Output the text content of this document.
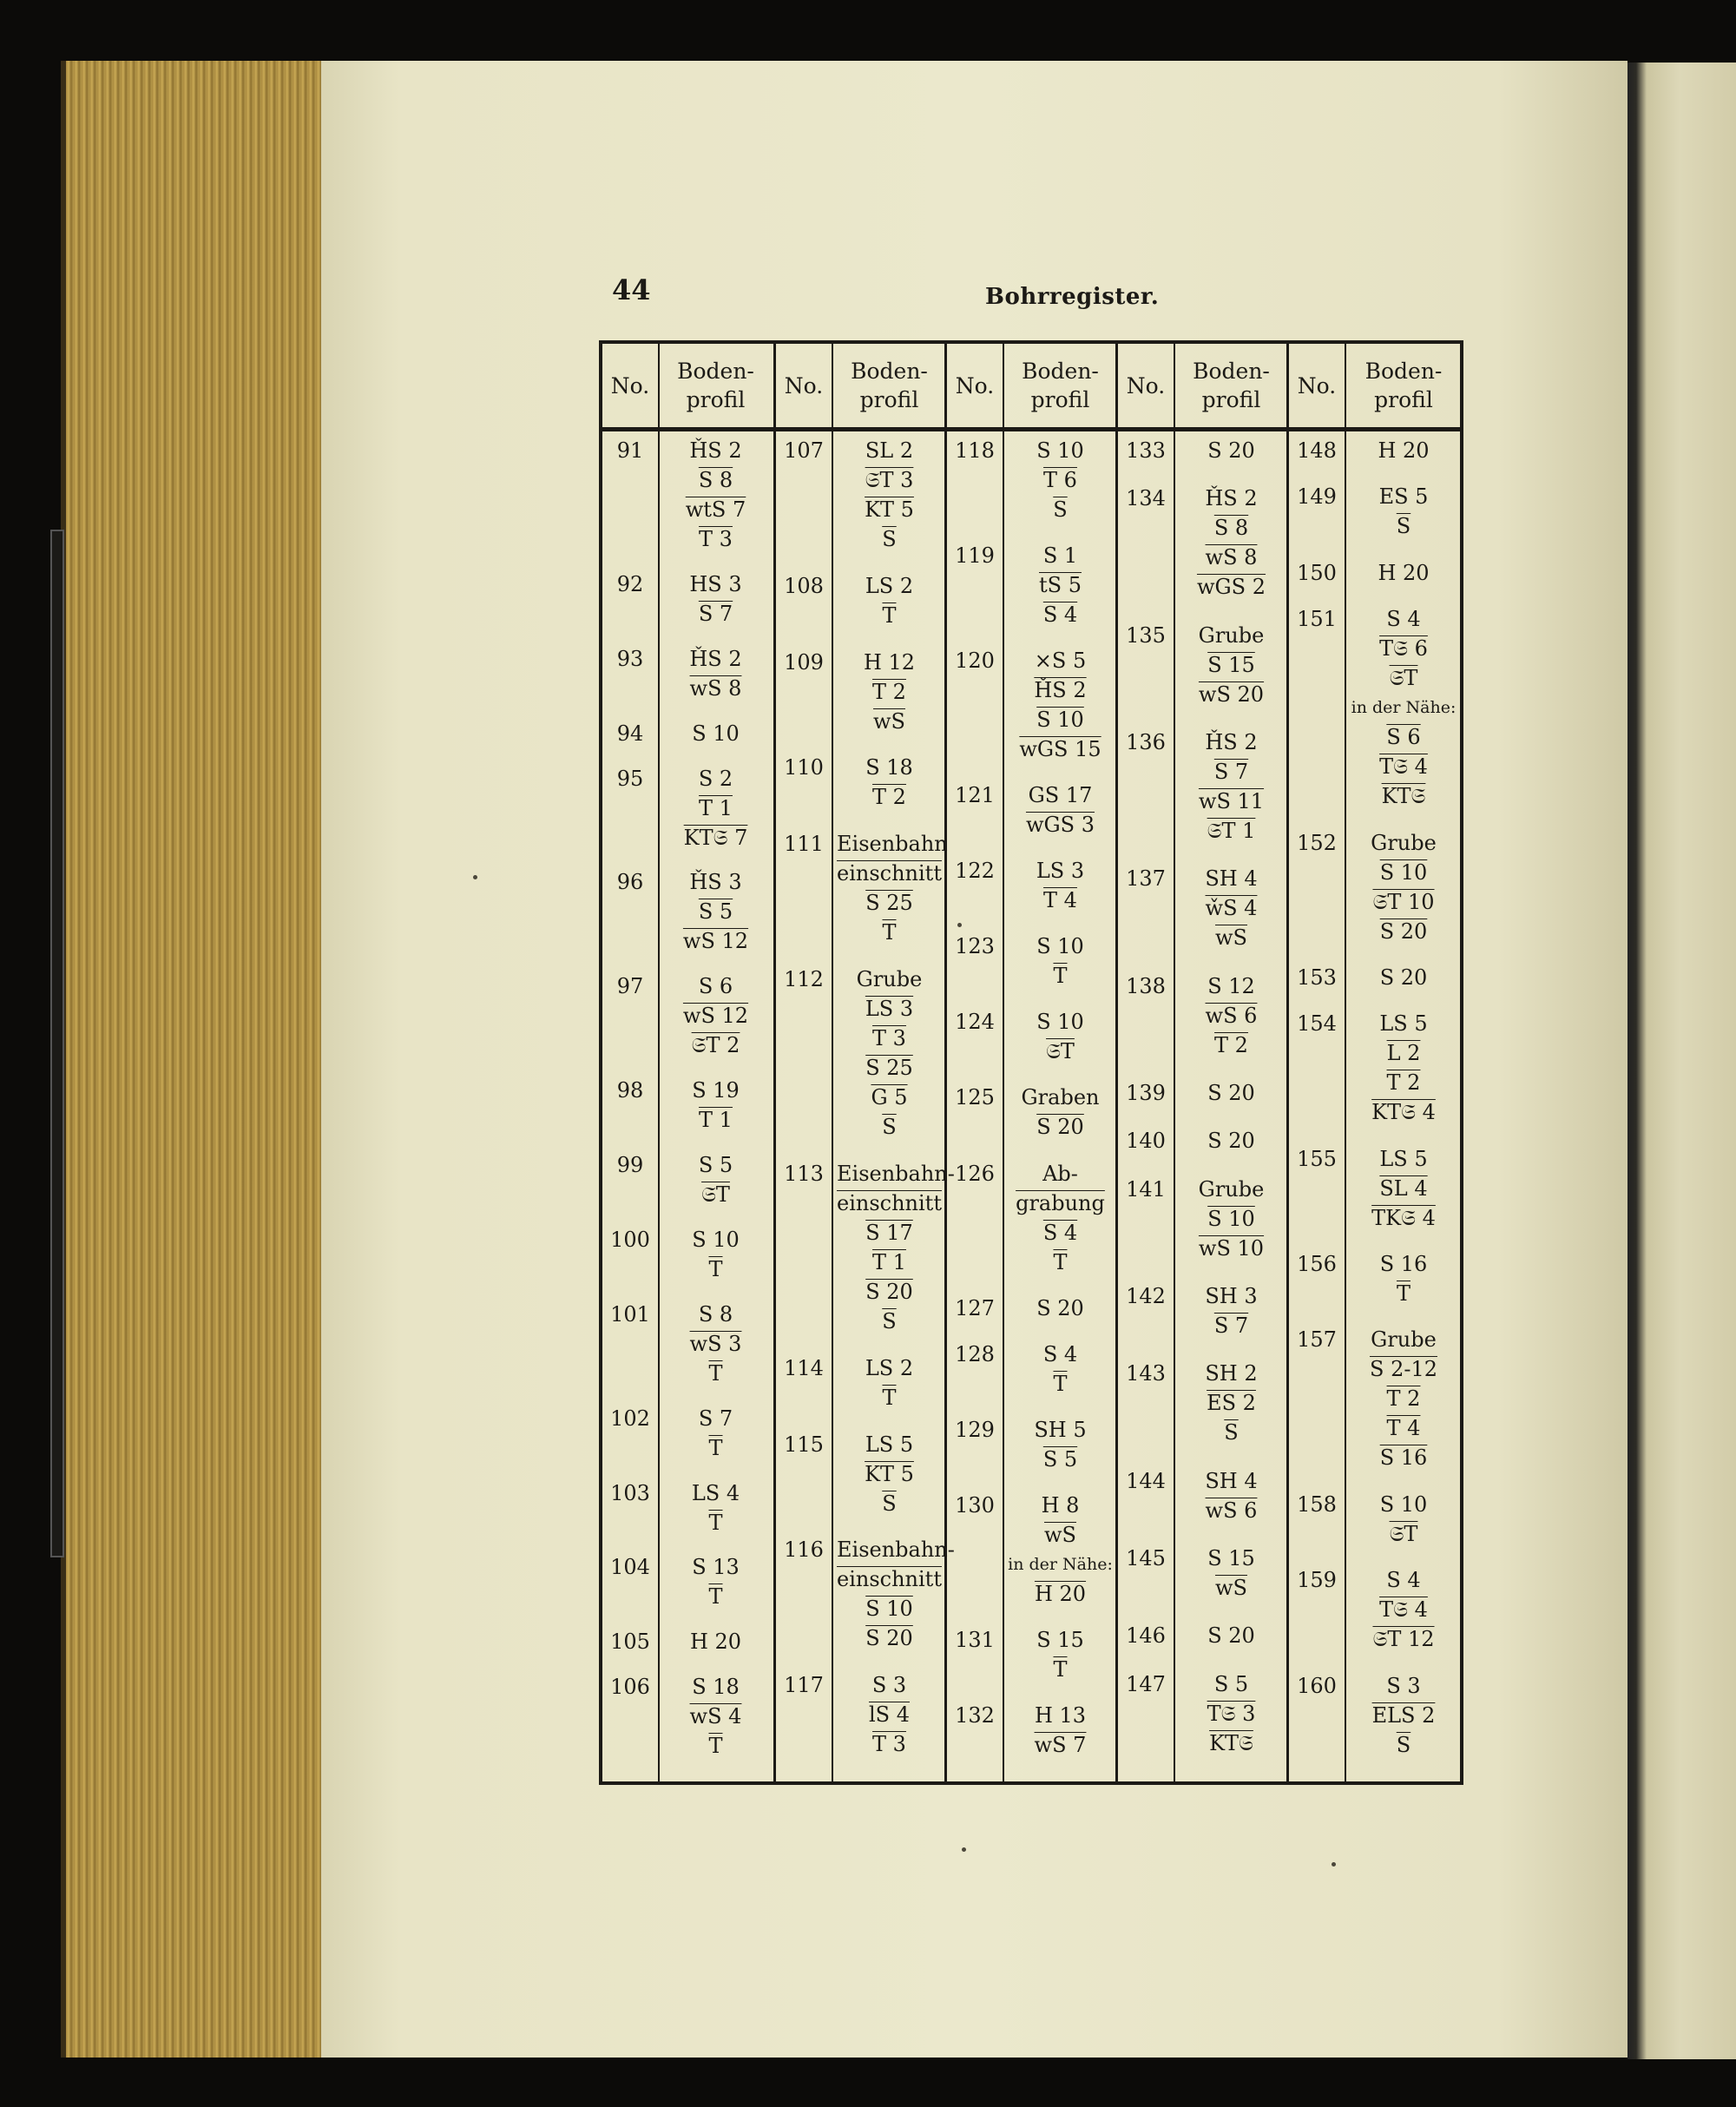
44	Bohrregister.
No.
Boden-
profil
91	ȞS 2
S 8
wtS 7
T 3
92	HS 3
S 7
93	ȞS 2
wS 8
94	S 10
95	S 2
T 1
KT𝔖 7
96	ȞS 3
S 5
wS 12
97	S 6
wS 12
𝔖T 2
98	S 19
T 1
99	S 5
𝔖T
100	S 10
$\overline{T}$
101	S 8
wS 3
$\overline{T}$
102	S 7
$\overline{T}$
103	LS 4
$\overline{T}$
104	S 13
$\overline{T}$
105	H 20
106	S 18
wS 4
$\overline{T}$
No.
Boden-
profil
107	SL 2
𝔖T 3
KT 5
$\overline{S}$
108	LS 2
$\overline{T}$
109	H 12
T 2
$\overline{wS}$
110	S 18
T 2
111 Eisenbahn
einschnitt
S 25
$\overline{T}$
112	Grube
LS 3
T 3
S 25
G 5
$\overline{S}$
113 Eisenbahn-
einschnitt
S 17
T 1
S 20
$\overline{S}$
114	LS 2
$\overline{T}$
115	LS 5
KT 5
$\overline{S}$
116 Eisenbahn-
einschnitt
S 10
S 20
117	S 3
lS 4
T 3
No.
Boden-
profil
118	S 10
T 6
$\overline{S}$
119	S 1
tS 5
S 4
120	×S 5
ȞS 2
S 10
wGS 15
121	GS 17
wGS 3
122	LS 3
T 4
123	S 10
$\overline{T}$
124	S 10
𝔖T
125	Graben
S 20
126	Ab-
grabung
S 4
$\overline{T}$
127	S 20
128	S 4
$\overline{T}$
129	SH 5
S 5
130	H 8
$\overline{wS}$
in der Nähe:
H 20
131	S 15
$\overline{T}$
132	H 13
wS 7
No.
Boden-
profil
133	S 20
134	ȞS 2
S 8
wS 8
wGS 2
135	Grube
S 15
wS 20
136	ȞS 2
S 7
wS 11
𝔖T 1
137	SH 4
w̌S 4
$\overline{wS}$
138	S 12
wS 6
T 2
139	S 20
140	S 20
141	Grube
S 10
wS 10
142	SH 3
S 7
143	SH 2
ES 2
$\overline{S}$
144	SH 4
wS 6
145	S 15
$\overline{wS}$
146	S 20
147	S 5
T𝔖 3
KT𝔖
No.
Boden-
profil
148	H 20
149	ES 5
$\overline{S}$
150	H 20
151	S 4
T𝔖 6
𝔖T
in der Nähe:
S 6
T𝔖 4
KT𝔖
152	Grube
S 10
𝔖T 10
S 20
153	S 20
154	LS 5
L 2
T 2
KT𝔖 4
155	LS 5
SL 4
TK𝔖 4
156	S 16
$\overline{T}$
157	Grube
S 2-12
T 2
T 4
S 16
158	S 10
𝔖T
159	S 4
T𝔖 4
𝔖T 12
160	S 3
ELS 2
$\overline{S}$
